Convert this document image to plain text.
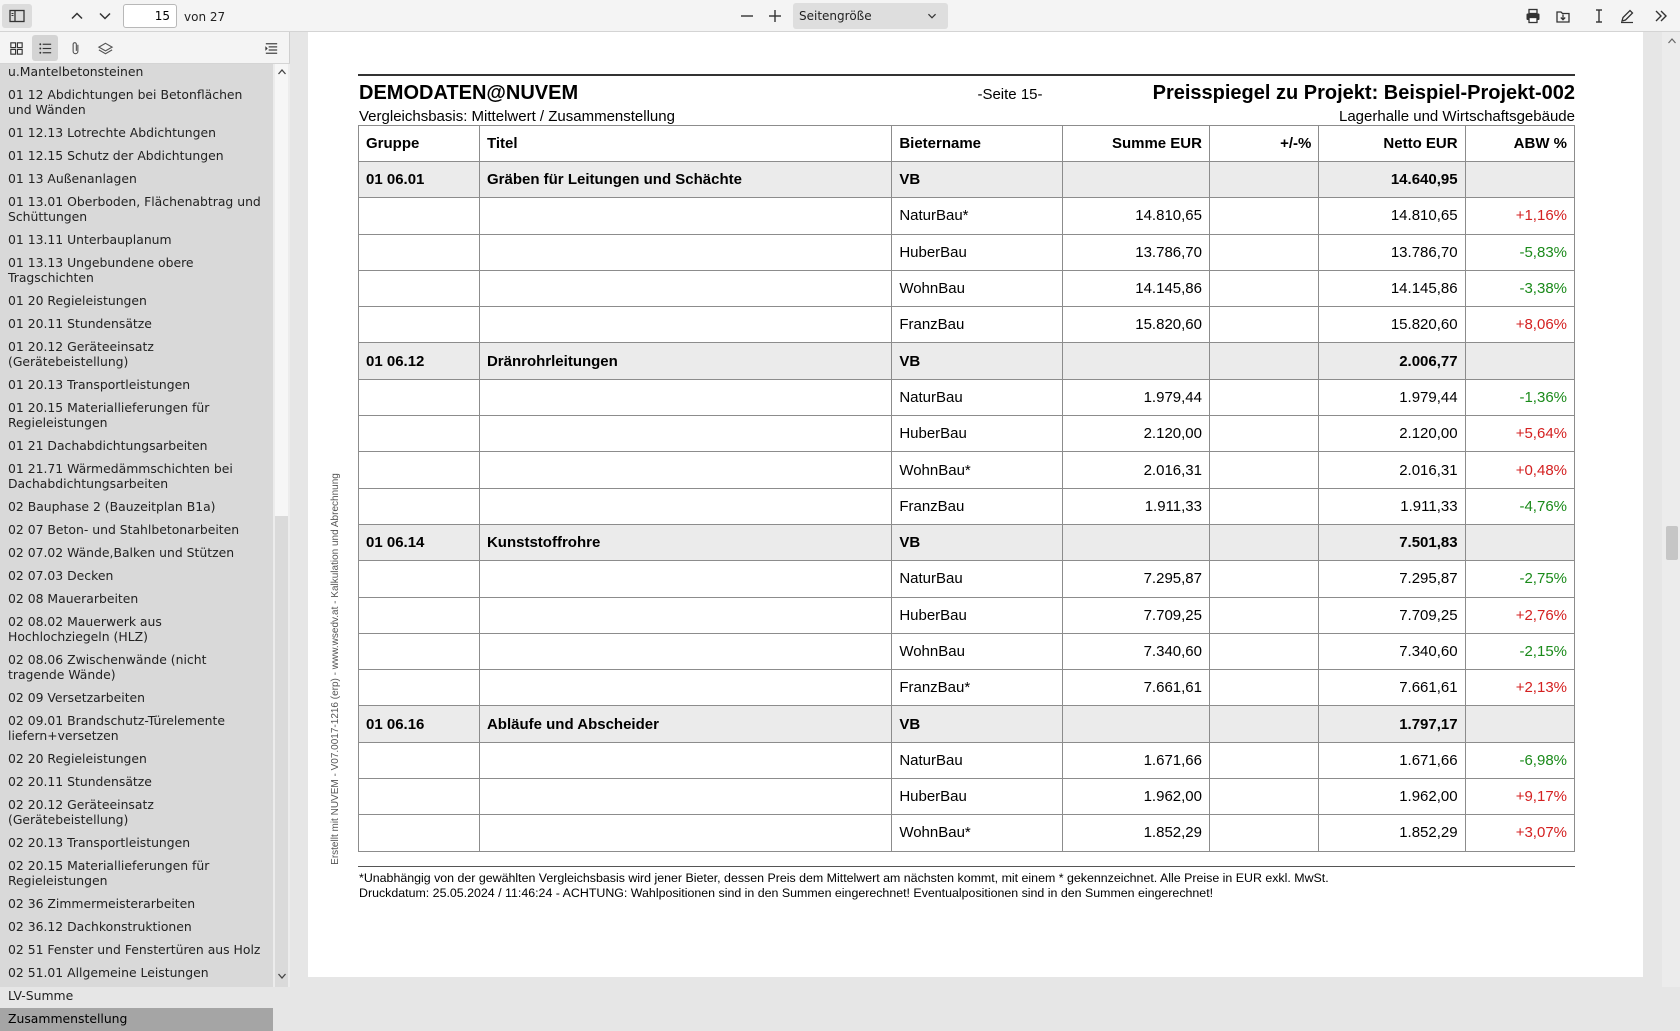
15
von 27	Seitengröße
u.Mantelbetonsteinen
01 12 Abdichtungen bei Betonflächen und Wänden
01 12.13 Lotrechte Abdichtungen
01 12.15 Schutz der Abdichtungen
01 13 Außenanlagen
01 13.01 Oberboden, Flächenabtrag und Schüttungen
01 13.11 Unterbauplanum
01 13.13 Ungebundene obere Tragschichten
01 20 Regieleistungen
01 20.11 Stundensätze
01 20.12 Geräteeinsatz (Gerätebeistellung)
01 20.13 Transportleistungen
01 20.15 Materiallieferungen für Regieleistungen
01 21 Dachabdichtungsarbeiten
01 21.71 Wärmedämmschichten bei Dachabdichtungsarbeiten
02 Bauphase 2 (Bauzeitplan B1a)
02 07 Beton- und Stahlbetonarbeiten
02 07.02 Wände,Balken und Stützen
02 07.03 Decken
02 08 Mauerarbeiten
02 08.02 Mauerwerk aus Hochlochziegeln (HLZ)
02 08.06 Zwischenwände (nicht tragende Wände)
02 09 Versetzarbeiten
02 09.01 Brandschutz-Türelemente liefern+versetzen
02 20 Regieleistungen
02 20.11 Stundensätze
02 20.12 Geräteeinsatz (Gerätebeistellung)
02 20.13 Transportleistungen
02 20.15 Materiallieferungen für Regieleistungen
02 36 Zimmermeisterarbeiten
02 36.12 Dachkonstruktionen
02 51 Fenster und Fenstertüren aus Holz
02 51.01 Allgemeine Leistungen
LV-Summe
Zusammenstellung
Erstellt mit NUVEM - V07.0017-1216 (erp) - www.wsedv.at - Kalkulation und Abrechnung
DEMODATEN@NUVEM	-Seite 15-
Vergleichsbasis: Mittelwert / Zusammenstellung
Preisspiegel zu Projekt: Beispiel-Projekt-002
Lagerhalle und Wirtschaftsgebäude
Gruppe	Titel	Bietername	Summe EUR	+/-%	Netto EUR	ABW %
01 06.01	Gräben für Leitungen und Schächte	VB			14.640,95	
		NaturBau*	14.810,65		14.810,65	+1,16%
		HuberBau	13.786,70		13.786,70	-5,83%
		WohnBau	14.145,86		14.145,86	-3,38%
		FranzBau	15.820,60		15.820,60	+8,06%
01 06.12	Dränrohrleitungen	VB			2.006,77	
		NaturBau	1.979,44		1.979,44	-1,36%
		HuberBau	2.120,00		2.120,00	+5,64%
		WohnBau*	2.016,31		2.016,31	+0,48%
		FranzBau	1.911,33		1.911,33	-4,76%
01 06.14	Kunststoffrohre	VB			7.501,83	
		NaturBau	7.295,87		7.295,87	-2,75%
		HuberBau	7.709,25		7.709,25	+2,76%
		WohnBau	7.340,60		7.340,60	-2,15%
		FranzBau*	7.661,61		7.661,61	+2,13%
01 06.16	Abläufe und Abscheider	VB			1.797,17	
		NaturBau	1.671,66		1.671,66	-6,98%
		HuberBau	1.962,00		1.962,00	+9,17%
		WohnBau*	1.852,29		1.852,29	+3,07%
*Unabhängig von der gewählten Vergleichsbasis wird jener Bieter, dessen Preis dem Mittelwert am nächsten kommt, mit einem * gekennzeichnet. Alle Preise in EUR exkl. MwSt.
Druckdatum: 25.05.2024 / 11:46:24 - ACHTUNG: Wahlpositionen sind in den Summen eingerechnet! Eventualpositionen sind in den Summen eingerechnet!
